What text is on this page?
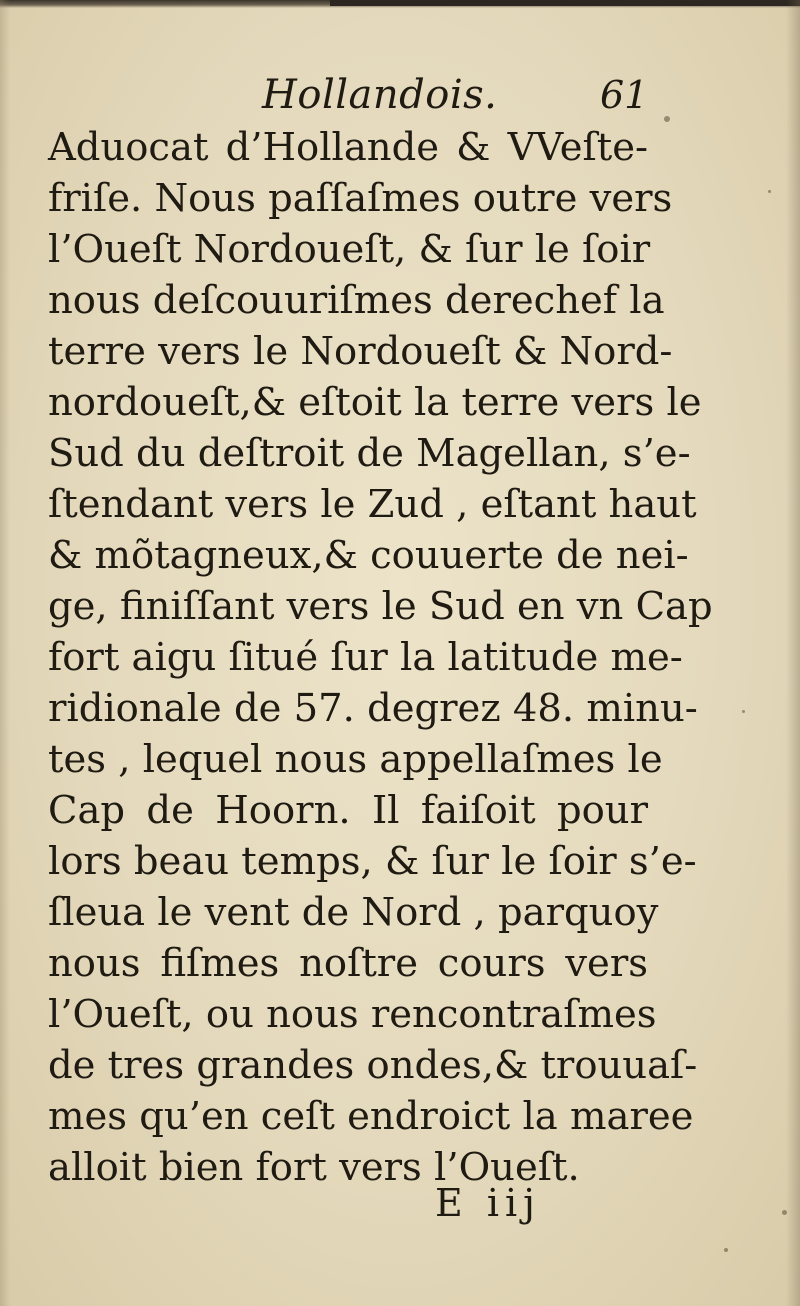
Hollandois.	61
Aduocat d’Hollande & VVeſte-
friſe. Nous paſſaſmes outre vers
l’Oueſt Nordoueſt, & ſur le ſoir
nous deſcouuriſmes derechef la
terre vers le Nordoueſt & Nord-
nordoueſt,& eſtoit la terre vers le
Sud du deſtroit de Magellan, s’e-
ſtendant vers le Zud , eſtant haut
& mõtagneux,& couuerte de nei-
ge, finiſſant vers le Sud en vn Cap
fort aigu ſitué ſur la latitude me-
ridionale de 57. degrez 48. minu-
tes , lequel nous appellaſmes le
Cap de Hoorn. Il faiſoit pour
lors beau temps, & ſur le ſoir s’e-
ſleua le vent de Nord , parquoy
nous fiſmes noſtre cours vers
l’Oueſt, ou nous rencontraſmes
de tres grandes ondes,& trouuaſ-
mes qu’en ceſt endroict la maree
alloit bien fort vers l’Oueſt.
E iij
